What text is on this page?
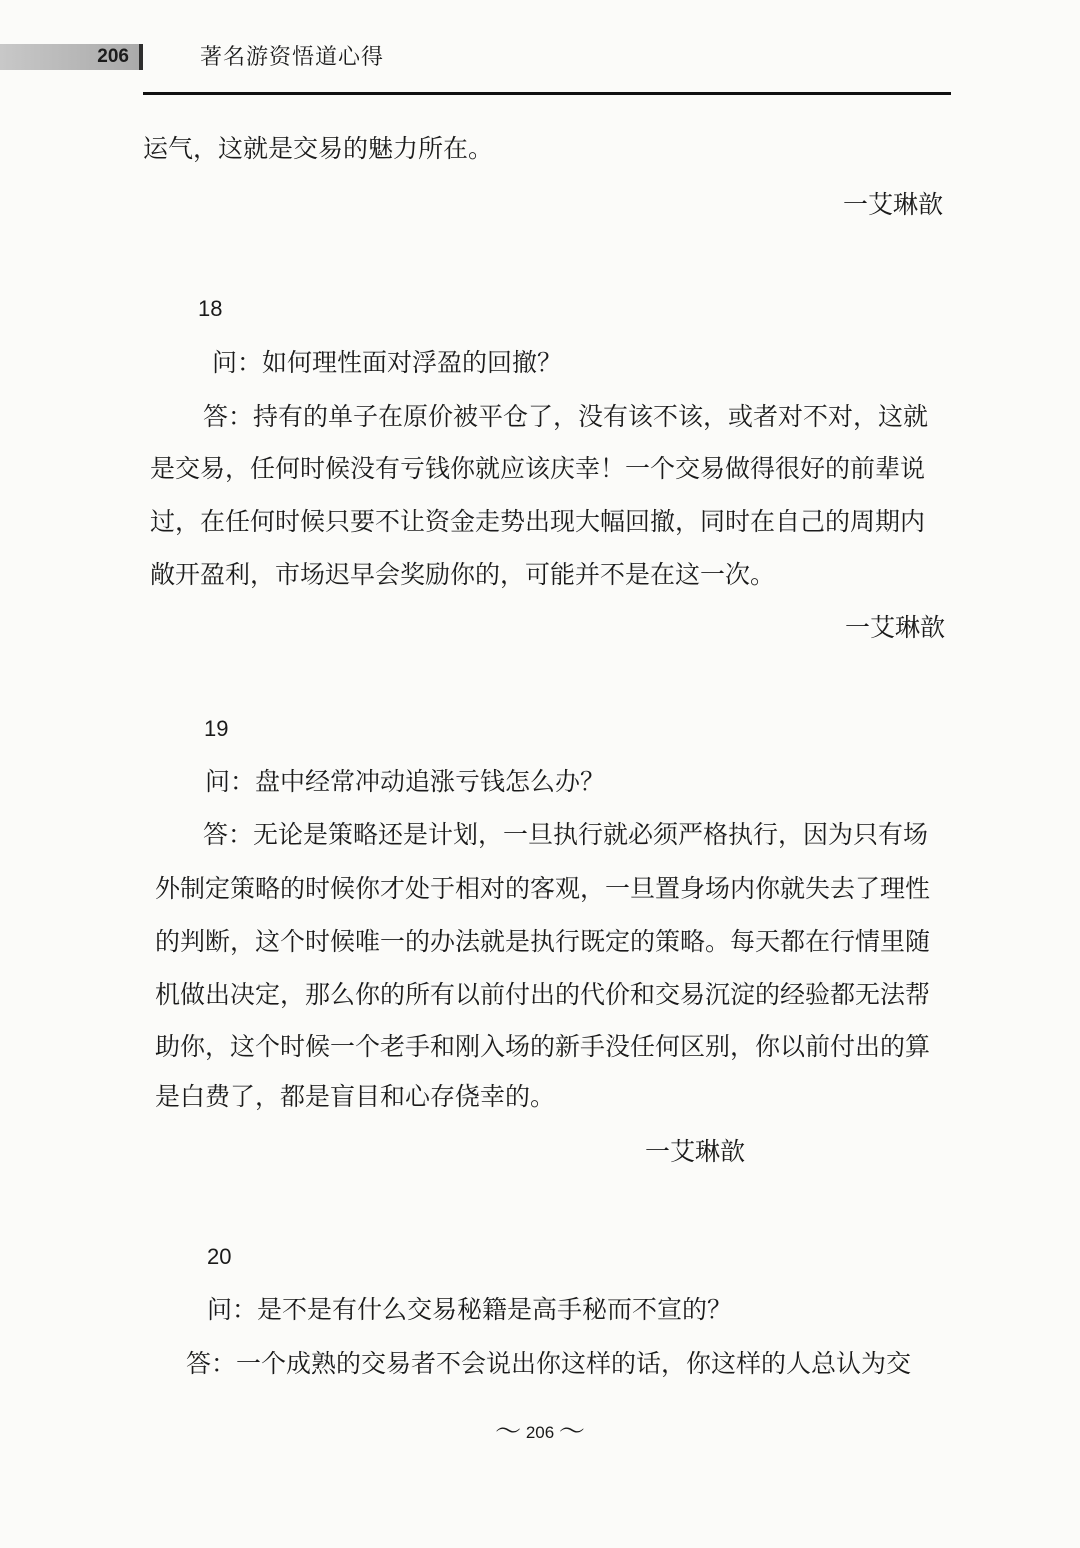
206	著名游资悟道心得
运气，这就是交易的魅力所在。
一艾琳歆
18
问：如何理性面对浮盈的回撤？
答：持有的单子在原价被平仓了，没有该不该，或者对不对，这就
是交易，任何时候没有亏钱你就应该庆幸！一个交易做得很好的前辈说
过，在任何时候只要不让资金走势出现大幅回撤，同时在自己的周期内
敞开盈利，市场迟早会奖励你的，可能并不是在这一次。
一艾琳歆
19
问：盘中经常冲动追涨亏钱怎么办？
答：无论是策略还是计划，一旦执行就必须严格执行，因为只有场
外制定策略的时候你才处于相对的客观，一旦置身场内你就失去了理性
的判断，这个时候唯一的办法就是执行既定的策略。每天都在行情里随
机做出决定，那么你的所有以前付出的代价和交易沉淀的经验都无法帮
助你，这个时候一个老手和刚入场的新手没任何区别，你以前付出的算
是白费了，都是盲目和心存侥幸的。
一艾琳歆
20
问：是不是有什么交易秘籍是高手秘而不宣的？
答：一个成熟的交易者不会说出你这样的话，你这样的人总认为交
～ 206 ～
